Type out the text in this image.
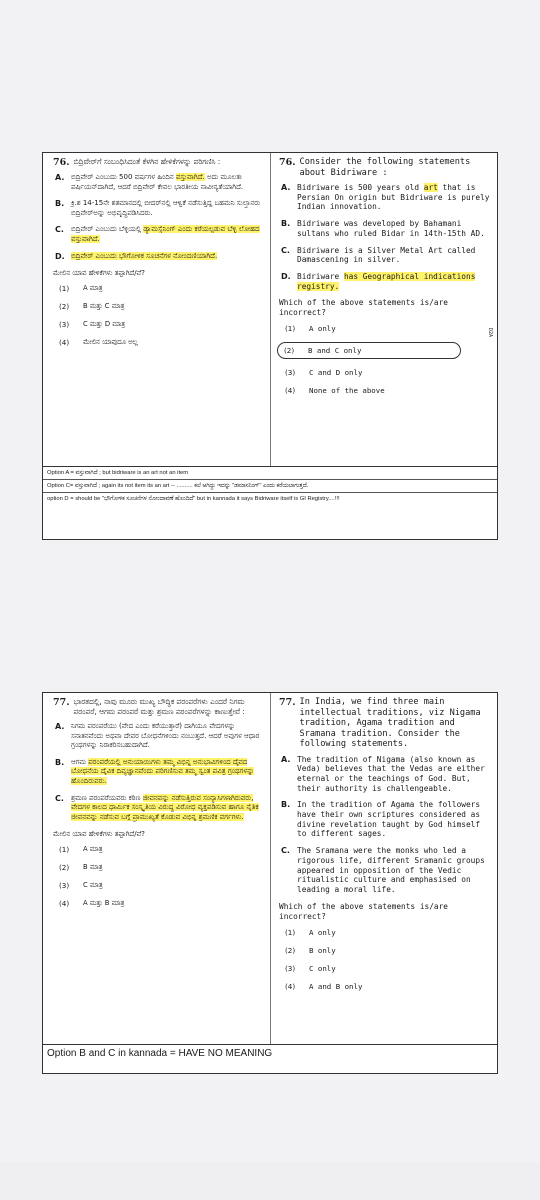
76. ಬಿದ್ರಿವೇರ್‌ಗೆ ಸಂಬಂಧಿಸಿದಂತೆ ಕೆಳಗಿನ ಹೇಳಿಕೆಗಳನ್ನು ಪರಿಗಣಿಸಿ :
A. ಬಿದ್ರಿವೇರ್ ಎಂಬುದು 500 ವರ್ಷಗಳ ಹಿಂದಿನ ವಸ್ತುವಾಗಿದೆ. ಅದು ಮೂಲತಃ ಪರ್ಷಿಯನ್‌ದಾಗಿದೆ, ಆದರೆ ಬಿದ್ರಿವೇರ್ ಕೇವಲ ಭಾರತೀಯ ನಾವೀನ್ಯತೆಯಾಗಿದೆ.
B. ಕ್ರಿ.ಶ 14-15ನೇ ಶತಮಾನದಲ್ಲಿ ಬೀದರ್‌ನಲ್ಲಿ ಆಳ್ವಿಕೆ ನಡೆಸುತ್ತಿದ್ದ ಬಹಮನಿ ಸುಲ್ತಾನರು ಬಿದ್ರಿವೇರ್‌ಅನ್ನು ಅಭಿವೃದ್ಧಿಪಡಿಸಿದರು.
C. ಬಿದ್ರಿವೇರ್ ಎಂಬುದು ಬೆಳ್ಳಿಯಲ್ಲಿ ಡ್ಯಾಮಸ್ಸೆನಿಂಗ್ ಎಂದು ಕರೆಯಲ್ಪಡುವ ಬೆಳ್ಳಿ ಲೋಹದ ವಸ್ತುವಾಗಿದೆ.
D. ಬಿದ್ರಿವೇರ್ ಎಂಬುದು ಭೌಗೋಳಿಕ ಸೂಚನೆಗಳ ನೋಂದಣಿಯಾಗಿದೆ.
ಮೇಲಿನ ಯಾವ ಹೇಳಿಕೆಗಳು ತಪ್ಪಾಗಿದೆ/ವೆ?
(1)	A ಮಾತ್ರ
(2)	B ಮತ್ತು C ಮಾತ್ರ
(3)	C ಮತ್ತು D ಮಾತ್ರ
(4)	ಮೇಲಿನ ಯಾವುದೂ ಅಲ್ಲ
76. Consider the following statements about Bidriware :
A. Bidriware is 500 years old art that is Persian On origin but Bidriware is purely Indian innovation.
B. Bidriware was developed by Bahamani sultans who ruled Bidar in 14th-15th AD.
C. Bidriware is a Silver Metal Art called Damascening in silver.
D. Bidriware has Geographical indications registry.
Which of the above statements is/are incorrect?
(1)	A only
(2)	B and C only
(3)	C and D only
(4)	None of the above
Option A = ವಸ್ತುವಾಗಿದೆ ; but bidriware is an art not an item
Option C= ವಸ್ತುವಾಗಿದೆ ; again its not item its an art -- .......... ಕಲೆ ಆಗಿದ್ದು ಇದನ್ನು "ಡಮಾಸನಿಂಗ್" ಎಂದು ಕರೆಯಲಾಗುತ್ತದೆ.
option D = should be "ಭೌಗೋಳಿಕ ಸೂಚನೆಗಳ ನೋಂದಾವಣೆ ಹೊಂದಿದೆ" but in kannada it says Bidriware itself is GI Registry....!!!
D2A
77. ಭಾರತದಲ್ಲಿ, ನಾವು ಮೂರು ಮುಖ್ಯ ಬೌದ್ಧಿಕ ಪರಂಪರೆಗಳು ಎಂದರೆ ನಿಗಮ ಪರಂಪರೆ, ಆಗಮ ಪರಂಪರೆ ಮತ್ತು ಶ್ರಮಣ ಪರಂಪರೆಗಳನ್ನು ಕಾಣುತ್ತೇವೆ :
A. ನಿಗಮ ಪರಂಪರೆಯು (ವೇದ ಎಂದು ಕರೆಯುತ್ತಾರೆ) ದಾಗಿಯೂ ವೇದಗಳನ್ನು ಸನಾತನವೆಂದು ಅಥವಾ ದೇವರ ಬೋಧನೆಗಳಿಂದು ನಂಬುತ್ತದೆ. ಆದರೆ ಅವುಗಳ ಆಧಾರ ಗ್ರಂಥಗಳನ್ನು ನಿರಾಕರಿಸಬಹುದಾಗಿದೆ.
B. ಆಗಮ ಪರಂಪರೆಯಲ್ಲಿ ಅನುಯಾಯಿಗಳು ತಮ್ಮ ವಿಭಿನ್ನ ಅನುಭಾವಿಗಳಿಂದ ದೈವದ ಬೋಧನೆಯ ದೈವಿಕ ದಿವ್ಯಜ್ಞಾನವೆಂದು ಪರಿಗಣಿಸುವ ತಮ್ಮ ಸ್ವಂತ ಪವಿತ್ರ ಗ್ರಂಥಗಳನ್ನು ಹೊಂದಿರುವರು.
C. ಶ್ರಮಣ ಪರಂಪರೆಯವರು ಕಠಿಣ ಜೀವನವನ್ನು ನಡೆಸುತ್ತಿರುವ ಸಂನ್ಯಾಸಿಗಳಾಗಿರುವರು, ವೇದಗಳ ಕಾಲದ ಧಾರ್ಮಿಕ ಸಂಸ್ಕೃತಿಯ ವಿರುದ್ಧ ವಿರೋಧ ವ್ಯಕ್ತಪಡಿಸುವ ಹಾಗೂ ನೈತಿಕ ಜೀವನವನ್ನು ನಡೆಸುವ ಬಗ್ಗೆ ಪ್ರಾಮುಖ್ಯತೆ ಕೊಡುವ ವಿಭಿನ್ನ ಶ್ರಮಣಿಕ ವರ್ಗಗಳು.
ಮೇಲಿನ ಯಾವ ಹೇಳಿಕೆಗಳು ತಪ್ಪಾಗಿದೆ/ವೆ?
(1)	A ಮಾತ್ರ
(2)	B ಮಾತ್ರ
(3)	C ಮಾತ್ರ
(4)	A ಮತ್ತು B ಮಾತ್ರ
77. In India, we find three main intellectual traditions, viz Nigama tradition, Agama tradition and Sramana tradition. Consider the following statements.
A. The tradition of Nigama (also known as Veda) believes that the Vedas are either eternal or the teachings of God. But, their authority is challengeable.
B. In the tradition of Agama the followers have their own scriptures considered as divine revelation taught by God himself to different sages.
C. The Sramana were the monks who led a rigorous life, different Sramanic groups appeared in opposition of the Vedic ritualistic culture and emphasised on leading a moral life.
Which of the above statements is/are incorrect?
(1)	A only
(2)	B only
(3)	C only
(4)	A and B only
Option B and C in kannada = HAVE NO MEANING
